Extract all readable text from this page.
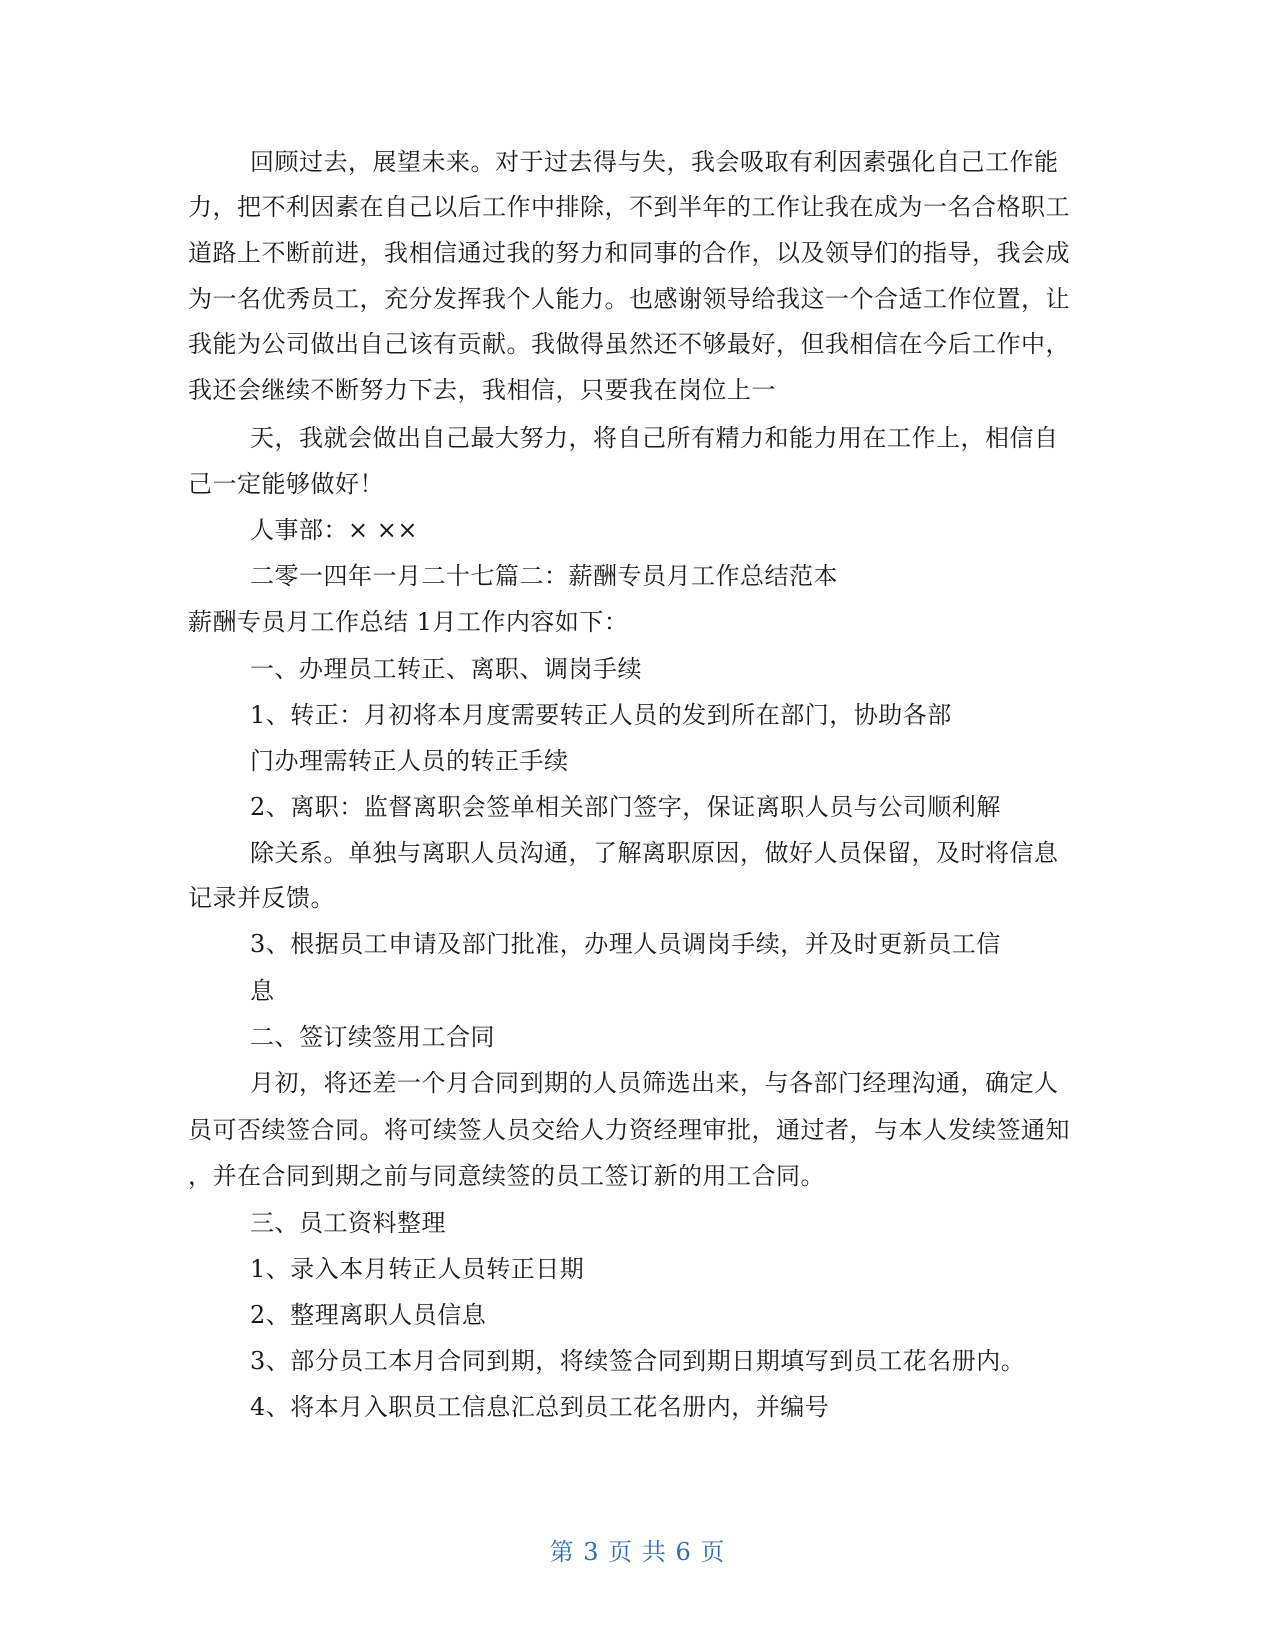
回顾过去，展望未来。对于过去得与失，我会吸取有利因素强化自己工作能
力，把不利因素在自己以后工作中排除，不到半年的工作让我在成为一名合格职工
道路上不断前进，我相信通过我的努力和同事的合作，以及领导们的指导，我会成
为一名优秀员工，充分发挥我个人能力。也感谢领导给我这一个合适工作位置，让
我能为公司做出自己该有贡献。我做得虽然还不够最好，但我相信在今后工作中，
我还会继续不断努力下去，我相信，只要我在岗位上一
天，我就会做出自己最大努力，将自己所有精力和能力用在工作上，相信自
己一定能够做好！
人事部：× ××
二零一四年一月二十七篇二：薪酬专员月工作总结范本
薪酬专员月工作总结 1月工作内容如下：
一、办理员工转正、离职、调岗手续
1、转正：月初将本月度需要转正人员的发到所在部门，协助各部
门办理需转正人员的转正手续
2、离职：监督离职会签单相关部门签字，保证离职人员与公司顺利解
除关系。单独与离职人员沟通，了解离职原因，做好人员保留，及时将信息
记录并反馈。
3、根据员工申请及部门批准，办理人员调岗手续，并及时更新员工信
息
二、签订续签用工合同
月初，将还差一个月合同到期的人员筛选出来，与各部门经理沟通，确定人
员可否续签合同。将可续签人员交给人力资经理审批，通过者，与本人发续签通知
，并在合同到期之前与同意续签的员工签订新的用工合同。
三、员工资料整理
1、录入本月转正人员转正日期
2、整理离职人员信息
3、部分员工本月合同到期，将续签合同到期日期填写到员工花名册内。
4、将本月入职员工信息汇总到员工花名册内，并编号
第 3 页 共 6 页
